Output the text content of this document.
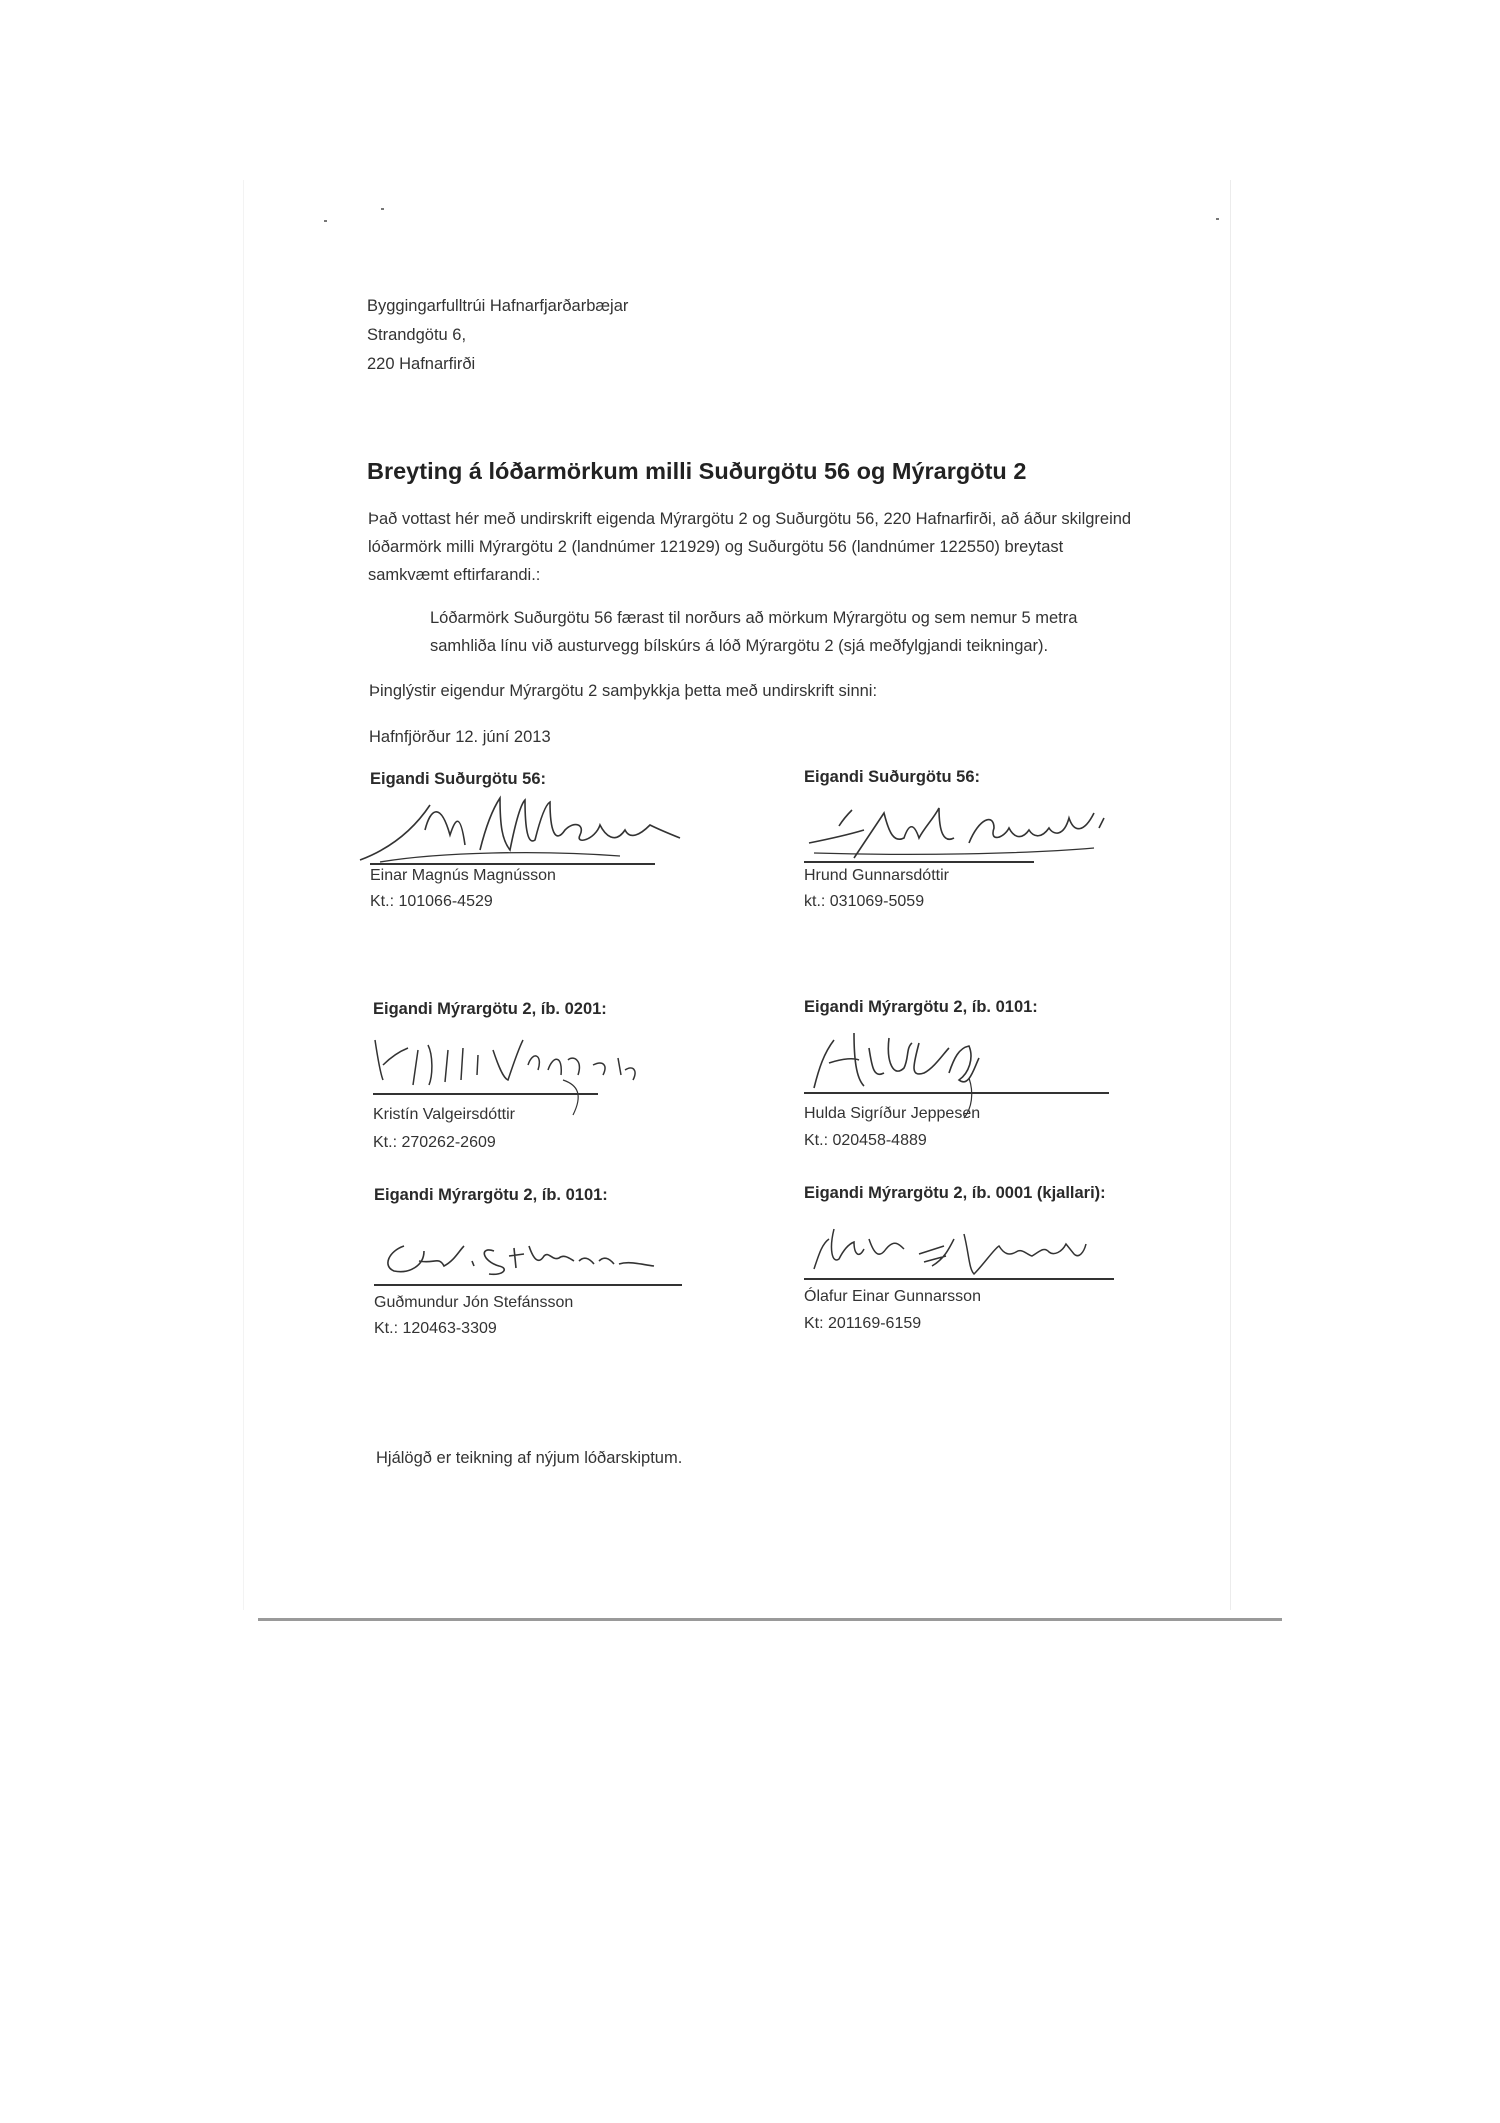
Byggingarfulltrúi Hafnarfjarðarbæjar
Strandgötu 6,
220 Hafnarfirði
Breyting á lóðarmörkum milli Suðurgötu 56 og Mýrargötu 2
Það vottast hér með undirskrift eigenda Mýrargötu 2 og Suðurgötu 56, 220 Hafnarfirði, að áður skilgreind lóðarmörk milli Mýrargötu 2 (landnúmer 121929) og Suðurgötu 56 (landnúmer 122550) breytast samkvæmt eftirfarandi.:
Lóðarmörk Suðurgötu 56 færast til norðurs að mörkum Mýrargötu og sem nemur 5 metra samhliða línu við austurvegg bílskúrs á lóð Mýrargötu 2 (sjá meðfylgjandi teikningar).
Þinglýstir eigendur Mýrargötu 2 samþykkja þetta með undirskrift sinni:
Hafnfjörður 12. júní 2013
Eigandi Suðurgötu 56:
Einar Magnús Magnússon
Kt.: 101066-4529
Eigandi Suðurgötu 56:
Hrund Gunnarsdóttir
kt.: 031069-5059
Eigandi Mýrargötu 2, íb. 0201:
Kristín Valgeirsdóttir
Kt.: 270262-2609
Eigandi Mýrargötu 2, íb. 0101:
Hulda Sigríður Jeppesen
Kt.: 020458-4889
Eigandi Mýrargötu 2, íb. 0101:
Guðmundur Jón Stefánsson
Kt.: 120463-3309
Eigandi Mýrargötu 2, íb. 0001 (kjallari):
Ólafur Einar Gunnarsson
Kt: 201169-6159
Hjálögð er teikning af nýjum lóðarskiptum.
